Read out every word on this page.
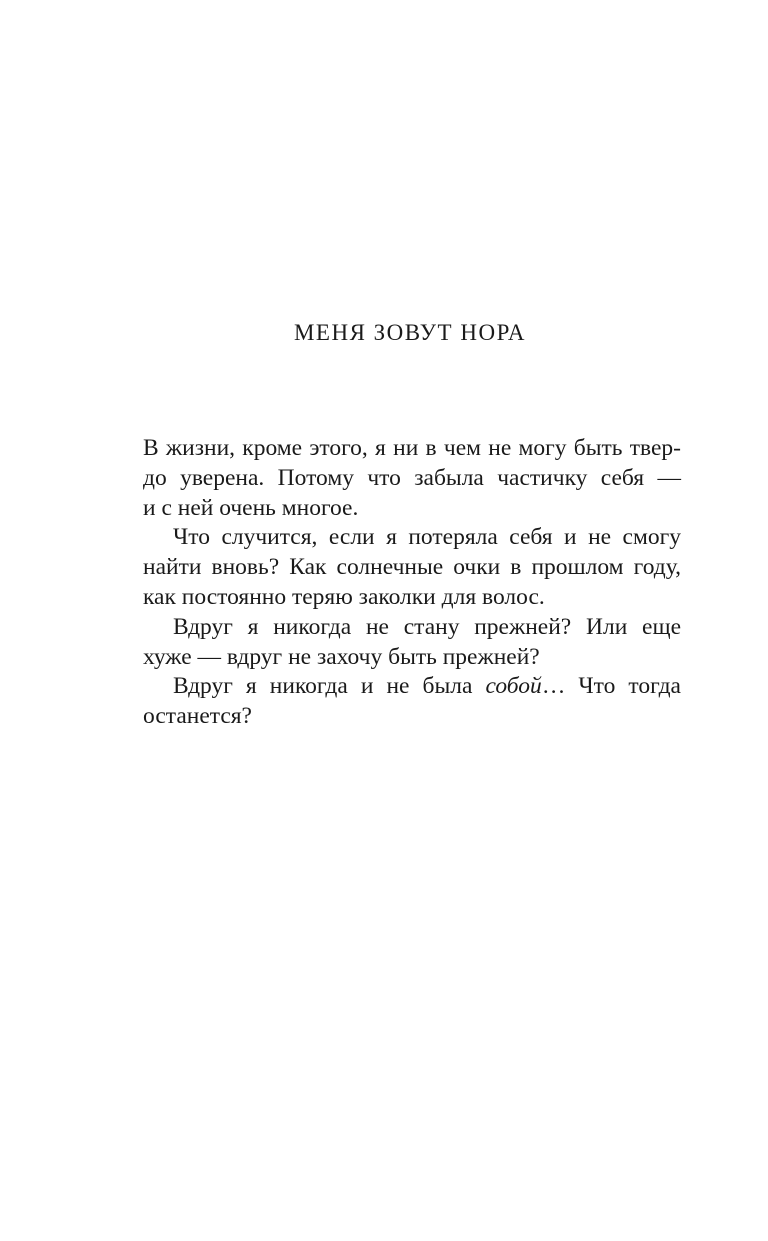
МЕНЯ ЗОВУТ НОРА
В жизни, кроме этого, я ни в чем не могу быть твер-
до уверена. Потому что забыла частичку себя —
и с ней очень многое.
Что случится, если я потеряла себя и не смогу
найти вновь? Как солнечные очки в прошлом году,
как постоянно теряю заколки для волос.
Вдруг я никогда не стану прежней? Или еще
хуже — вдруг не захочу быть прежней?
Вдруг я никогда и не была собой… Что тогда
останется?
